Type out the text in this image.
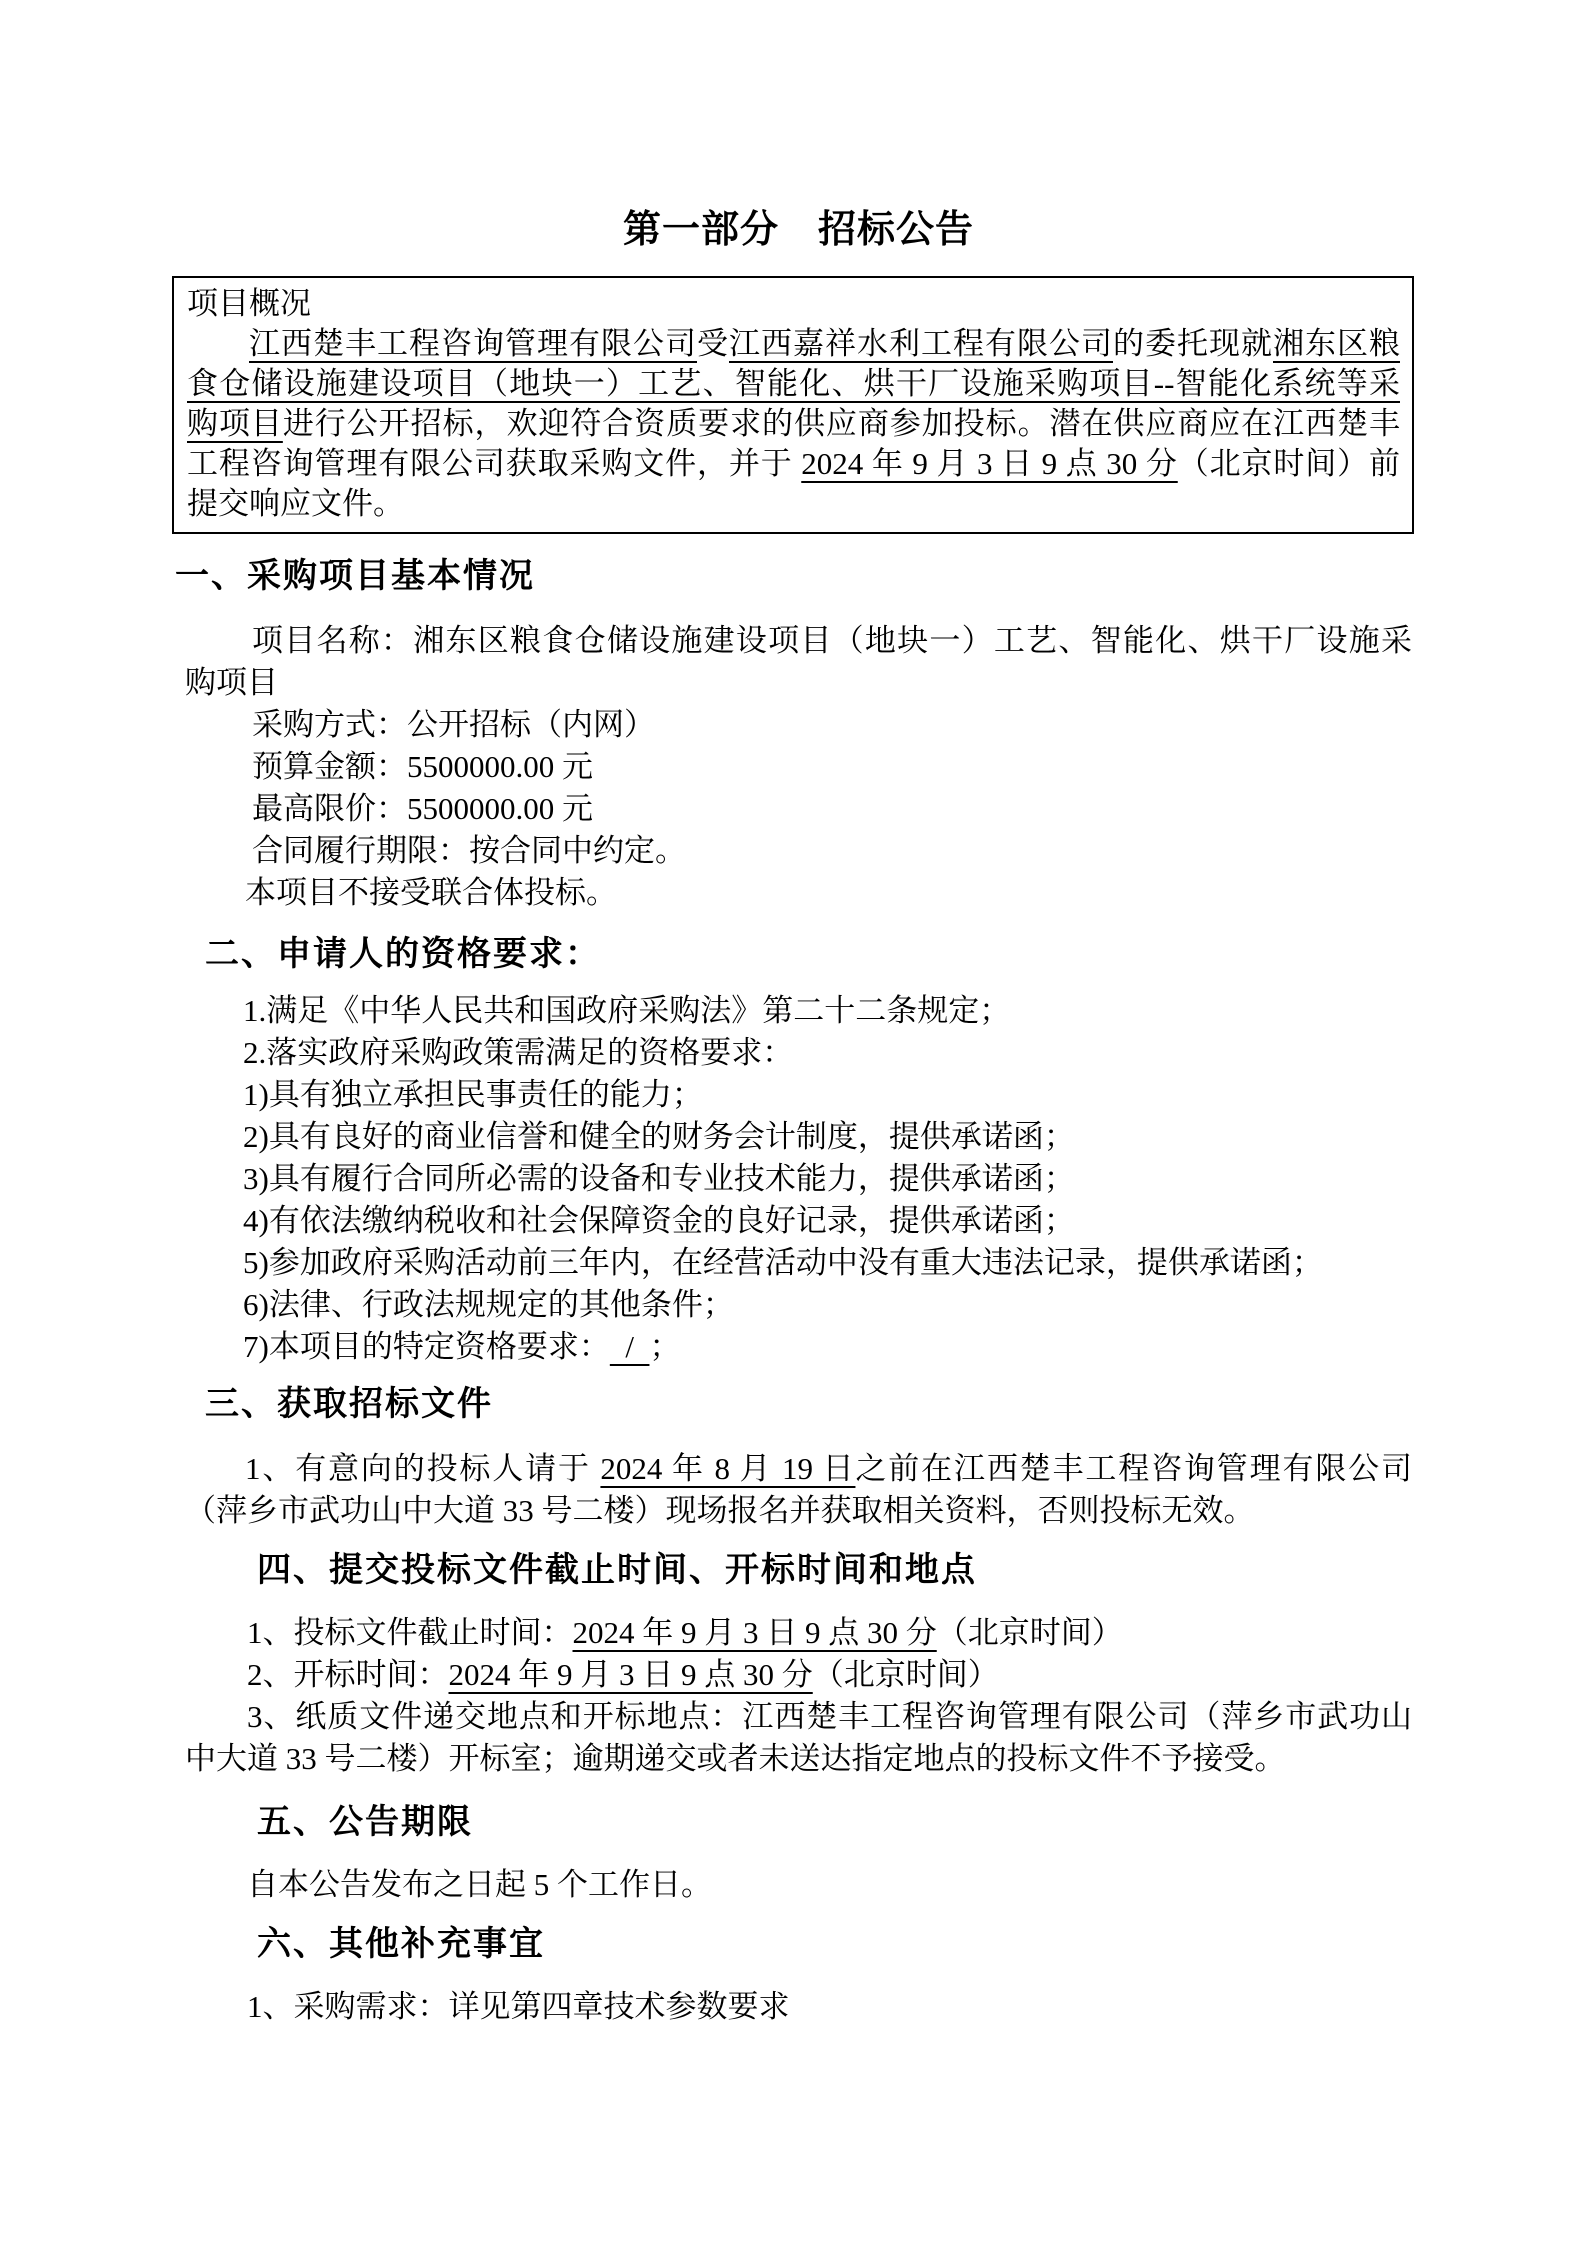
第一部分　招标公告
项目概况
江西楚丰工程咨询管理有限公司受江西嘉祥水利工程有限公司的委托现就湘东区粮
食仓储设施建设项目（地块一）工艺、智能化、烘干厂设施采购项目--智能化系统等采
购项目进行公开招标，欢迎符合资质要求的供应商参加投标。潜在供应商应在江西楚丰
工程咨询管理有限公司获取采购文件，并于 2024 年 9 月 3 日 9 点 30 分（北京时间）前
提交响应文件。
一、采购项目基本情况
项目名称：湘东区粮食仓储设施建设项目（地块一）工艺、智能化、烘干厂设施采
购项目
采购方式：公开招标（内网）
预算金额：5500000.00 元
最高限价：5500000.00 元
合同履行期限：按合同中约定。
本项目不接受联合体投标。
二、申请人的资格要求：
1.满足《中华人民共和国政府采购法》第二十二条规定；
2.落实政府采购政策需满足的资格要求：
1)具有独立承担民事责任的能力；
2)具有良好的商业信誉和健全的财务会计制度，提供承诺函；
3)具有履行合同所必需的设备和专业技术能力，提供承诺函；
4)有依法缴纳税收和社会保障资金的良好记录，提供承诺函；
5)参加政府采购活动前三年内，在经营活动中没有重大违法记录，提供承诺函；
6)法律、行政法规规定的其他条件；
7)本项目的特定资格要求：  /  ；
三、获取招标文件
1、有意向的投标人请于 2024 年 8 月 19 日之前在江西楚丰工程咨询管理有限公司
（萍乡市武功山中大道 33 号二楼）现场报名并获取相关资料，否则投标无效。
四、提交投标文件截止时间、开标时间和地点
1、投标文件截止时间：2024 年 9 月 3 日 9 点 30 分（北京时间）
2、开标时间：2024 年 9 月 3 日 9 点 30 分（北京时间）
3、纸质文件递交地点和开标地点：江西楚丰工程咨询管理有限公司（萍乡市武功山
中大道 33 号二楼）开标室；逾期递交或者未送达指定地点的投标文件不予接受。
五、公告期限
自本公告发布之日起 5 个工作日。
六、其他补充事宜
1、采购需求：详见第四章技术参数要求
